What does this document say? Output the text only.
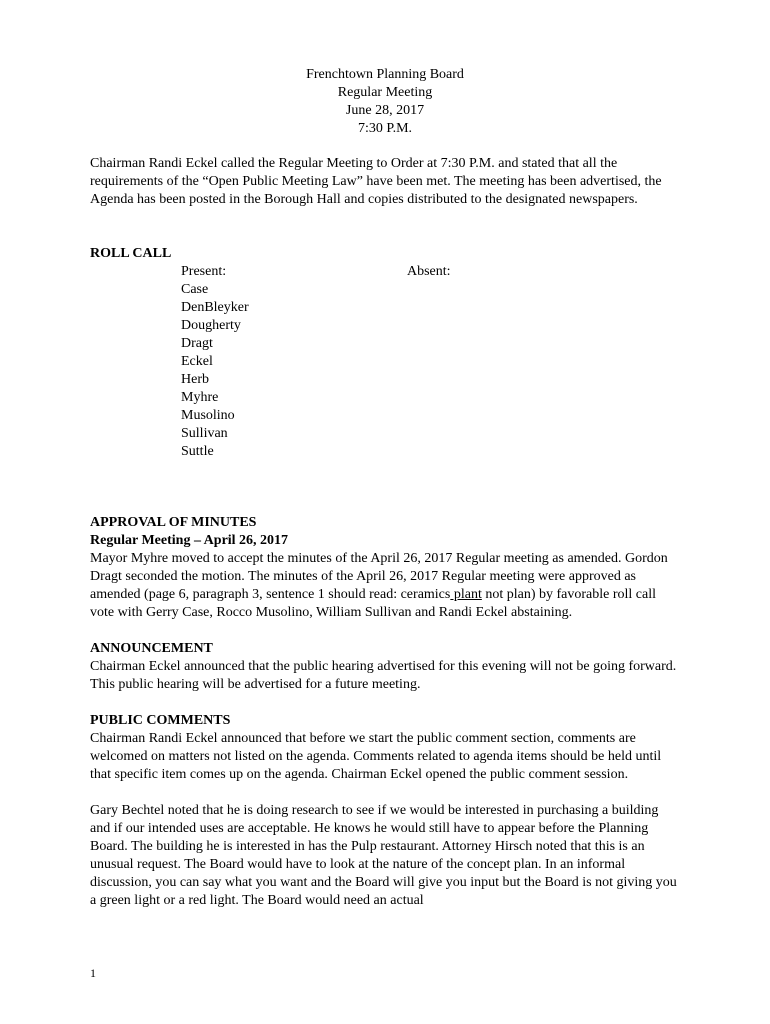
Frenchtown Planning Board

Regular Meeting

June 28, 2017

7:30 P.M.

Chairman Randi Eckel called the Regular Meeting to Order at 7:30 P.M. and stated that all the requirements of the “Open Public Meeting Law” have been met. The meeting has been advertised, the Agenda has been posted in the Borough Hall and copies distributed to the designated newspapers.

ROLL CALL
Present:
Case
DenBleyker
Dougherty
Dragt
Eckel
Herb
Myhre
Musolino
Sullivan
Suttle
Absent:
APPROVAL OF MINUTES
Regular Meeting – April 26, 2017

Mayor Myhre moved to accept the minutes of the April 26, 2017 Regular meeting as amended. Gordon Dragt seconded the motion. The minutes of the April 26, 2017 Regular meeting were approved as amended (page 6, paragraph 3, sentence 1 should read: ceramics plant not plan) by favorable roll call vote with Gerry Case, Rocco Musolino, William Sullivan and Randi Eckel abstaining.

ANNOUNCEMENT

Chairman Eckel announced that the public hearing advertised for this evening will not be going forward. This public hearing will be advertised for a future meeting.

PUBLIC COMMENTS

Chairman Randi Eckel announced that before we start the public comment section, comments are welcomed on matters not listed on the agenda. Comments related to agenda items should be held until that specific item comes up on the agenda. Chairman Eckel opened the public comment session.

Gary Bechtel noted that he is doing research to see if we would be interested in purchasing a building and if our intended uses are acceptable. He knows he would still have to appear before the Planning Board. The building he is interested in has the Pulp restaurant. Attorney Hirsch noted that this is an unusual request. The Board would have to look at the nature of the concept plan. In an informal discussion, you can say what you want and the Board will give you input but the Board is not giving you a green light or a red light. The Board would need an actual

1
